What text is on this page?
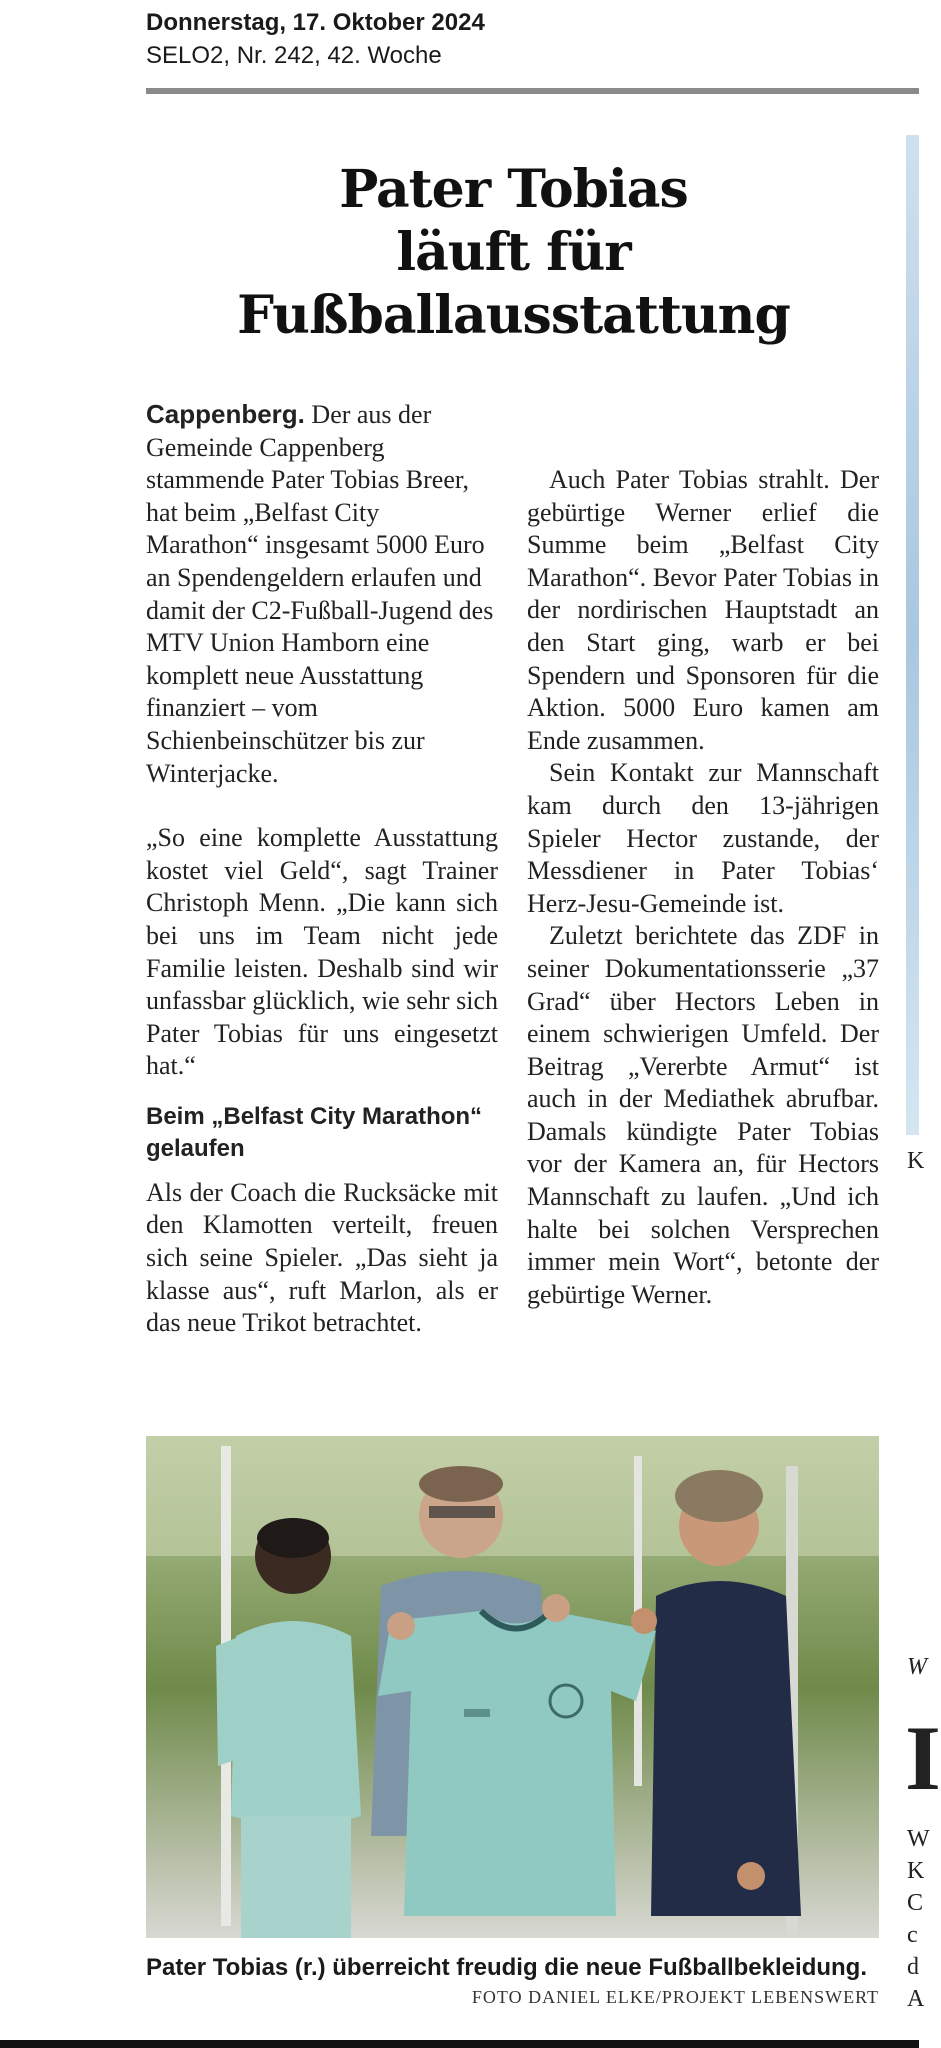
Donnerstag, 17. Oktober 2024
SELO2, Nr. 242, 42. Woche
K
W
I
W
K
C
c
d
A
Pater Tobias
läuft für
Fußballausstattung

Cappenberg. Der aus der Gemeinde Cappenberg stammende Pater Tobias Breer, hat beim „Belfast City Marathon“ insgesamt 5000 Euro an Spendengeldern erlaufen und damit der C2-Fußball-Jugend des MTV Union Hamborn eine komplett neue Ausstattung finanziert – vom Schienbeinschützer bis zur Winterjacke.

„So eine komplette Ausstattung kostet viel Geld“, sagt Trainer Christoph Menn. „Die kann sich bei uns im Team nicht jede Familie leisten. Deshalb sind wir unfassbar glücklich, wie sehr sich Pater Tobias für uns eingesetzt hat.“

Beim „Belfast City Marathon“ gelaufen

Als der Coach die Rucksäcke mit den Klamotten verteilt, freuen sich seine Spieler. „Das sieht ja klasse aus“, ruft Marlon, als er das neue Trikot betrachtet.

Auch Pater Tobias strahlt. Der gebürtige Werner erlief die Summe beim „Belfast City Marathon“. Bevor Pater Tobias in der nordirischen Hauptstadt an den Start ging, warb er bei Spendern und Sponsoren für die Aktion. 5000 Euro kamen am Ende zusammen.

Sein Kontakt zur Mannschaft kam durch den 13-jährigen Spieler Hector zustande, der Messdiener in Pater Tobias‘ Herz-Jesu-Gemeinde ist.

Zuletzt berichtete das ZDF in seiner Dokumentationsserie „37 Grad“ über Hectors Leben in einem schwierigen Umfeld. Der Beitrag „Vererbte Armut“ ist auch in der Mediathek abrufbar. Damals kündigte Pater Tobias vor der Kamera an, für Hectors Mannschaft zu laufen. „Und ich halte bei solchen Versprechen immer mein Wort“, betonte der gebürtige Werner.

Pater Tobias (r.) überreicht freudig die neue Fußballbekleidung.
FOTO DANIEL ELKE/PROJEKT LEBENSWERT
